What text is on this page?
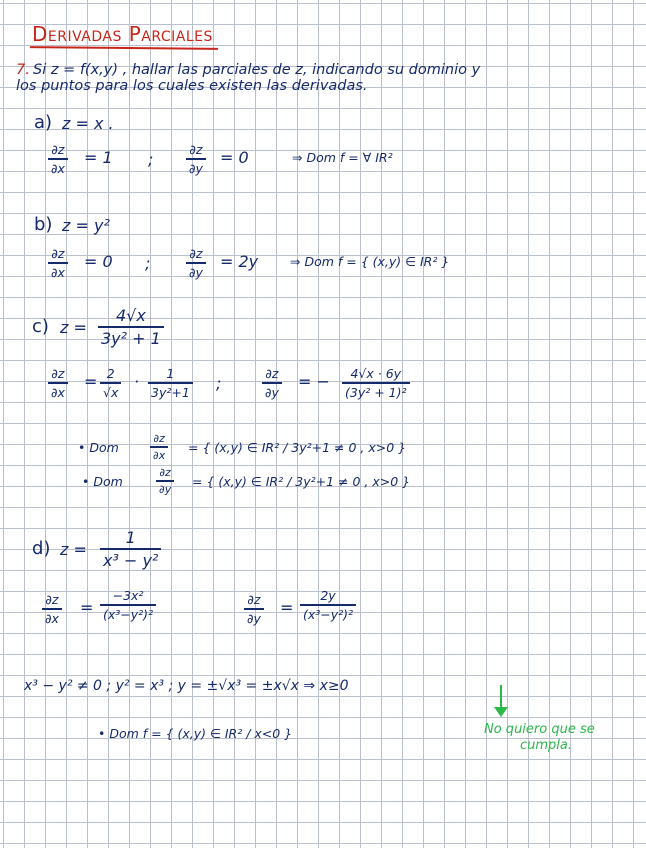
Derivadas Parciales
7. Si z = f(x,y) , hallar las parciales de z, indicando su dominio y
los puntos para los cuales existen las derivadas.
a) z = x .
∂z
∂x
= 1 ;
∂z
∂y
= 0	⇒ Dom f = ∀ IR²
b) z = y²
∂z
∂x
= 0 ;
∂z
∂y
= 2y	⇒ Dom f = { (x,y) ∈ IR² }
c) z =
4√x
3y² + 1
∂z
∂x
= 2
√x
· 1
3y²+1 ;
∂z
∂y
= − 4√x · 6y
(3y² + 1)²
• Dom
∂z
∂x
= { (x,y) ∈ IR² / 3y²+1 ≠ 0 , x>0 }
• Dom
∂z
∂y
= { (x,y) ∈ IR² / 3y²+1 ≠ 0 , x>0 }
d) z =
1
x³ − y²
∂z
∂x
=
−3x²
(x³−y²)²
∂z
∂y
=
2y
(x³−y²)²
x³ − y² ≠ 0 ; y² = x³ ; y = ±√x³ = ±x√x ⇒ x≥0
• Dom f = { (x,y) ∈ IR² / x<0 }	No quiero que se
cumpla.
